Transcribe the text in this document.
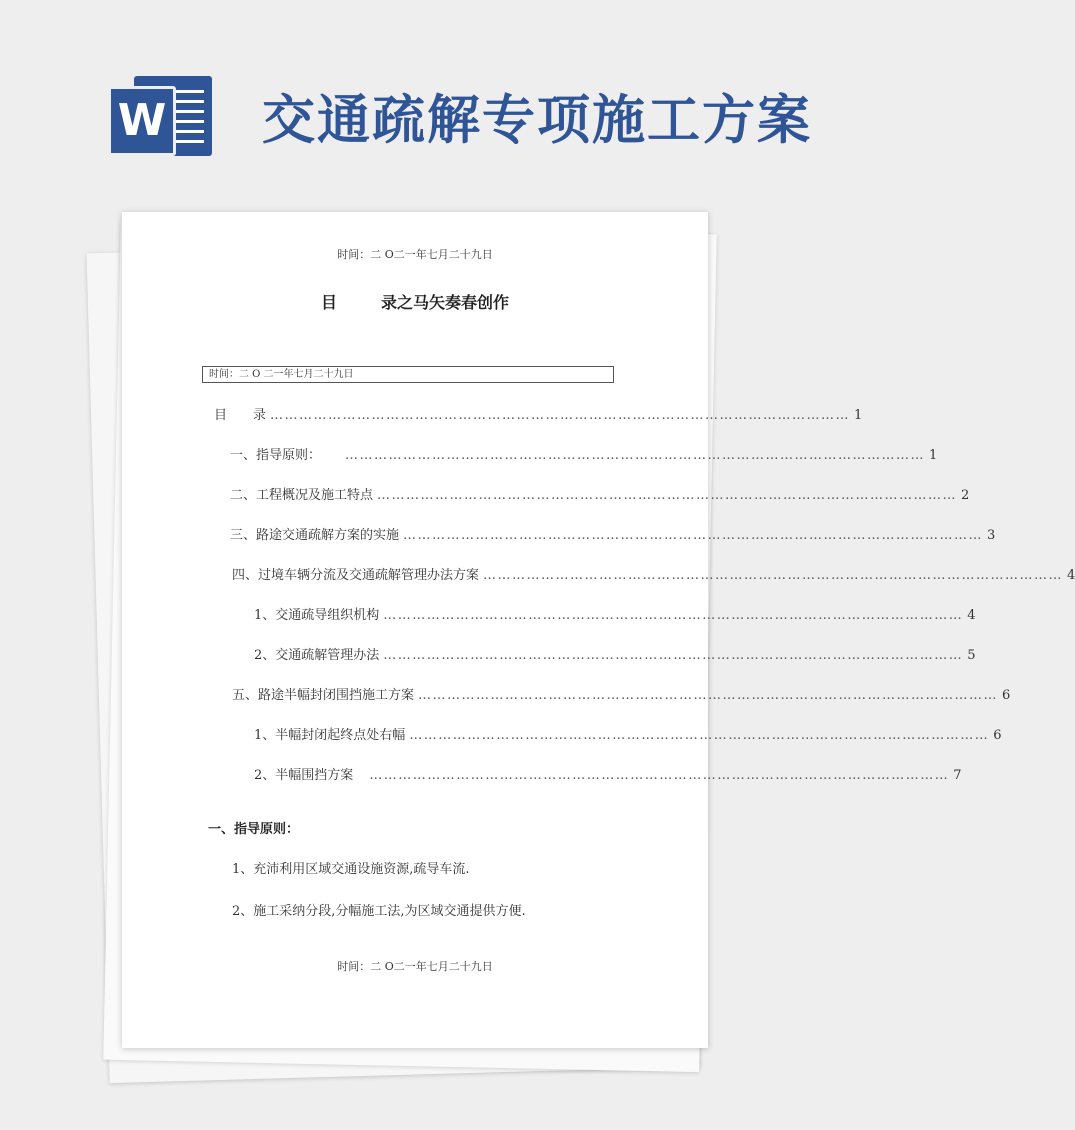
W 交通疏解专项施工方案
时间：二 O二一年七月二十九日
目	录之马矢奏春创作
时间：二 O 二一年七月二十九日
目　　录 ………………………………………………………………………………………………………… 1
一、指导原则： ………………………………………………………………………………………………………… 1
二、工程概况及施工特点 ………………………………………………………………………………………………………… 2
三、路途交通疏解方案的实施 ………………………………………………………………………………………………………… 3
四、过境车辆分流及交通疏解管理办法方案 ………………………………………………………………………………………………………… 4
1、交通疏导组织机构 ………………………………………………………………………………………………………… 4
2、交通疏解管理办法 ………………………………………………………………………………………………………… 5
五、路途半幅封闭围挡施工方案 ………………………………………………………………………………………………………… 6
1、半幅封闭起终点处右幅 ………………………………………………………………………………………………………… 6
2、半幅围挡方案 ………………………………………………………………………………………………………… 7
一、指导原则：
1、充沛利用区域交通设施资源,疏导车流.
2、施工采纳分段,分幅施工法,为区域交通提供方便.
时间：二 O二一年七月二十九日
